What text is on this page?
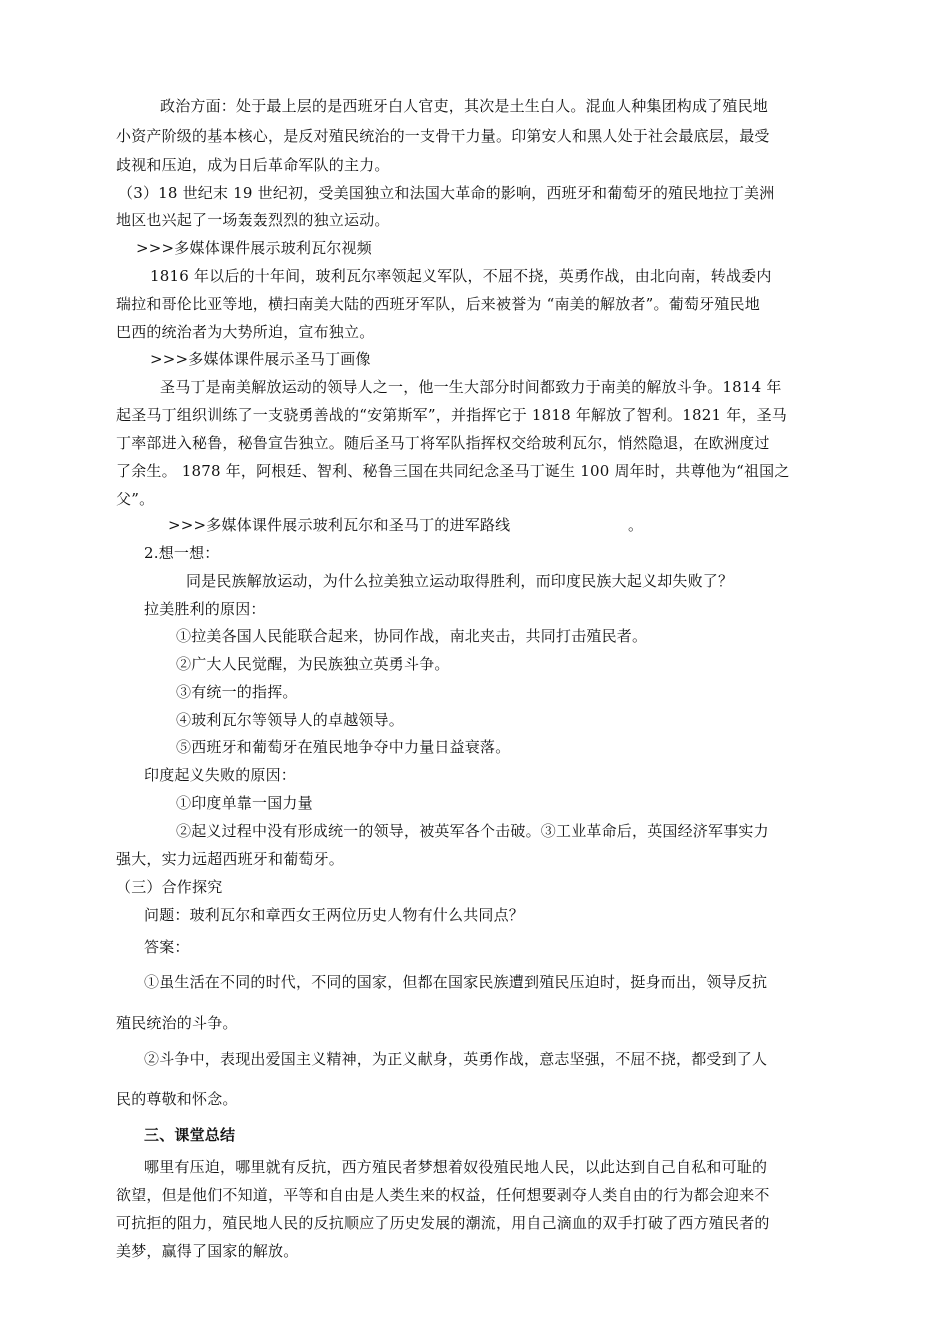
政治方面：处于最上层的是西班牙白人官吏，其次是土生白人。混血人种集团构成了殖民地
小资产阶级的基本核心，是反对殖民统治的一支骨干力量。印第安人和黑人处于社会最底层，最受
歧视和压迫，成为日后革命军队的主力。
（3）18 世纪末 19 世纪初，受美国独立和法国大革命的影响，西班牙和葡萄牙的殖民地拉丁美洲
地区也兴起了一场轰轰烈烈的独立运动。
>>>多媒体课件展示玻利瓦尔视频
1816 年以后的十年间，玻利瓦尔率领起义军队，不屈不挠，英勇作战，由北向南，转战委内
瑞拉和哥伦比亚等地，横扫南美大陆的西班牙军队，后来被誉为 “南美的解放者”。葡萄牙殖民地
巴西的统治者为大势所迫，宣布独立。
>>>多媒体课件展示圣马丁画像
圣马丁是南美解放运动的领导人之一，他一生大部分时间都致力于南美的解放斗争。1814 年
起圣马丁组织训练了一支骁勇善战的“安第斯军”，并指挥它于 1818 年解放了智利。1821 年，圣马
丁率部进入秘鲁，秘鲁宣告独立。随后圣马丁将军队指挥权交给玻利瓦尔，悄然隐退，在欧洲度过
了余生。 1878 年，阿根廷、智利、秘鲁三国在共同纪念圣马丁诞生 100 周年时，共尊他为“祖国之
父”。
>>>多媒体课件展示玻利瓦尔和圣马丁的进军路线	。
2.想一想：
同是民族解放运动，为什么拉美独立运动取得胜利，而印度民族大起义却失败了？
拉美胜利的原因：
①拉美各国人民能联合起来，协同作战，南北夹击，共同打击殖民者。
②广大人民觉醒，为民族独立英勇斗争。
③有统一的指挥。
④玻利瓦尔等领导人的卓越领导。
⑤西班牙和葡萄牙在殖民地争夺中力量日益衰落。
印度起义失败的原因：
①印度单靠一国力量
②起义过程中没有形成统一的领导，被英军各个击破。③工业革命后，英国经济军事实力
强大，实力远超西班牙和葡萄牙。
（三）合作探究
问题：玻利瓦尔和章西女王两位历史人物有什么共同点？
答案：
①虽生活在不同的时代，不同的国家，但都在国家民族遭到殖民压迫时，挺身而出，领导反抗
殖民统治的斗争。
②斗争中，表现出爱国主义精神，为正义献身，英勇作战，意志坚强，不屈不挠，都受到了人
民的尊敬和怀念。
三、课堂总结
哪里有压迫，哪里就有反抗，西方殖民者梦想着奴役殖民地人民，以此达到自己自私和可耻的
欲望，但是他们不知道，平等和自由是人类生来的权益，任何想要剥夺人类自由的行为都会迎来不
可抗拒的阻力，殖民地人民的反抗顺应了历史发展的潮流，用自己滴血的双手打破了西方殖民者的
美梦，赢得了国家的解放。
